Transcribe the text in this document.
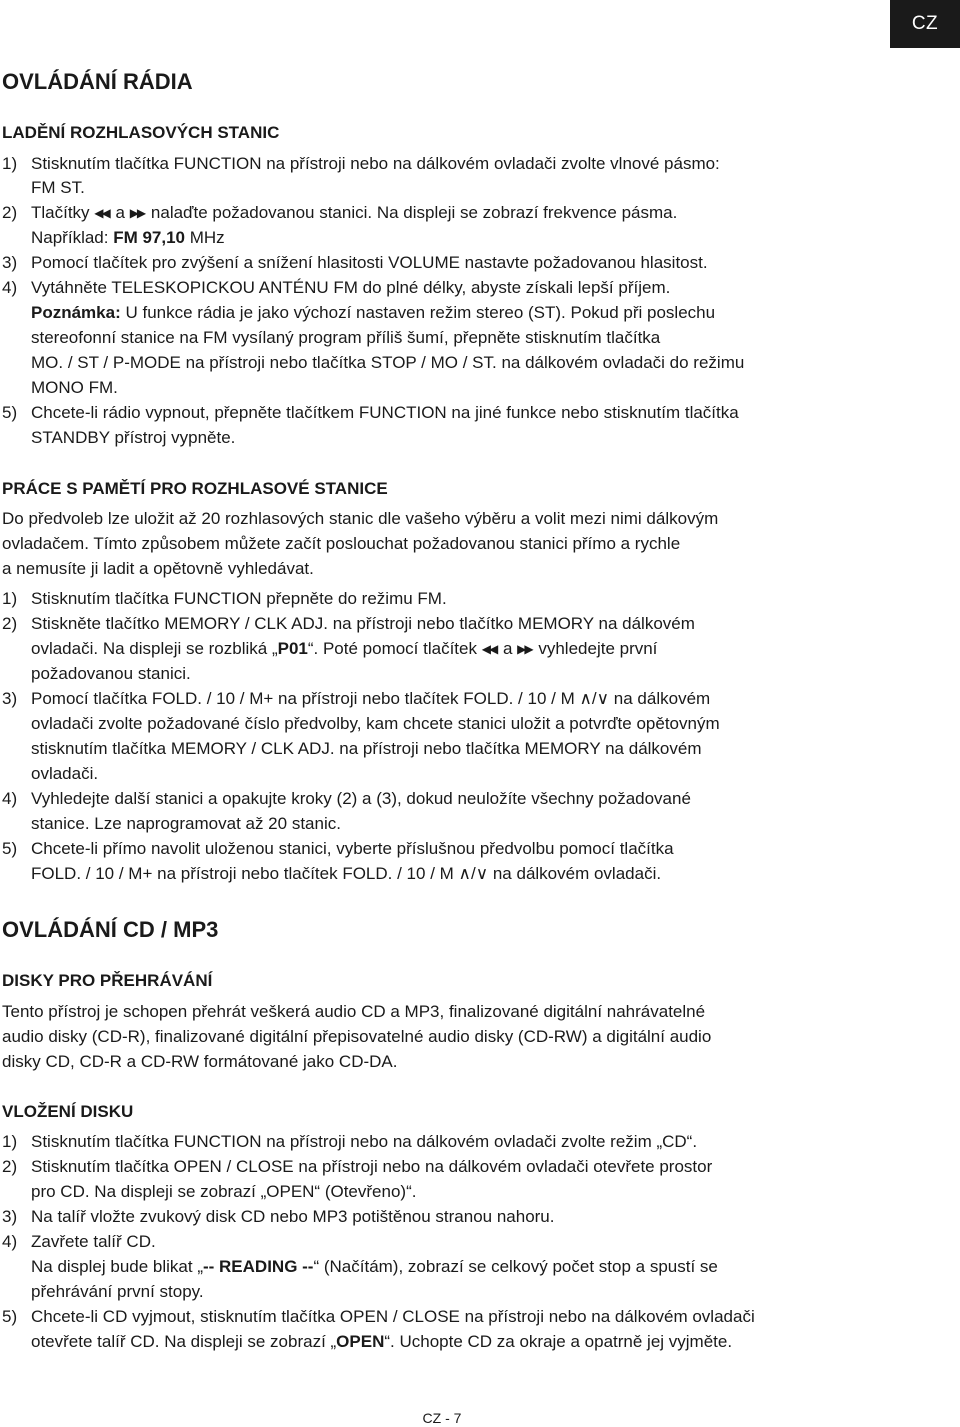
CZ
OVLÁDÁNÍ RÁDIA
LADĚNÍ ROZHLASOVÝCH STANIC
1) Stisknutím tlačítka FUNCTION na přístroji nebo na dálkovém ovladači zvolte vlnové pásmo:
FM ST.
2) Tlačítky ◀◀ a ▶▶ nalaďte požadovanou stanici. Na displeji se zobrazí frekvence pásma.
Například: FM 97,10 MHz
3) Pomocí tlačítek pro zvýšení a snížení hlasitosti VOLUME nastavte požadovanou hlasitost.
4) Vytáhněte TELESKOPICKOU ANTÉNU FM do plné délky, abyste získali lepší příjem.
Poznámka: U funkce rádia je jako výchozí nastaven režim stereo (ST). Pokud při poslechu
stereofonní stanice na FM vysílaný program příliš šumí, přepněte stisknutím tlačítka
MO. / ST / P-MODE na přístroji nebo tlačítka STOP / MO / ST. na dálkovém ovladači do režimu
MONO FM.
5) Chcete-li rádio vypnout, přepněte tlačítkem FUNCTION na jiné funkce nebo stisknutím tlačítka
STANDBY přístroj vypněte.
PRÁCE S PAMĚTÍ PRO ROZHLASOVÉ STANICE
Do předvoleb lze uložit až 20 rozhlasových stanic dle vašeho výběru a volit mezi nimi dálkovým
ovladačem. Tímto způsobem můžete začít poslouchat požadovanou stanici přímo a rychle
a nemusíte ji ladit a opětovně vyhledávat.
1) Stisknutím tlačítka FUNCTION přepněte do režimu FM.
2) Stiskněte tlačítko MEMORY / CLK ADJ. na přístroji nebo tlačítko MEMORY na dálkovém
ovladači. Na displeji se rozbliká „P01“. Poté pomocí tlačítek ◀◀ a ▶▶ vyhledejte první
požadovanou stanici.
3) Pomocí tlačítka FOLD. / 10 / M+ na přístroji nebo tlačítek FOLD. / 10 / M ∧/∨ na dálkovém
ovladači zvolte požadované číslo předvolby, kam chcete stanici uložit a potvrďte opětovným
stisknutím tlačítka MEMORY / CLK ADJ. na přístroji nebo tlačítka MEMORY na dálkovém
ovladači.
4) Vyhledejte další stanici a opakujte kroky (2) a (3), dokud neuložíte všechny požadované
stanice. Lze naprogramovat až 20 stanic.
5) Chcete-li přímo navolit uloženou stanici, vyberte příslušnou předvolbu pomocí tlačítka
FOLD. / 10 / M+ na přístroji nebo tlačítek FOLD. / 10 / M ∧/∨ na dálkovém ovladači.
OVLÁDÁNÍ CD / MP3
DISKY PRO PŘEHRÁVÁNÍ
Tento přístroj je schopen přehrát veškerá audio CD a MP3, finalizované digitální nahrávatelné
audio disky (CD-R), finalizované digitální přepisovatelné audio disky (CD-RW) a digitální audio
disky CD, CD-R a CD-RW formátované jako CD-DA.
VLOŽENÍ DISKU
1) Stisknutím tlačítka FUNCTION na přístroji nebo na dálkovém ovladači zvolte režim „CD“.
2) Stisknutím tlačítka OPEN / CLOSE na přístroji nebo na dálkovém ovladači otevřete prostor
pro CD. Na displeji se zobrazí „OPEN“ (Otevřeno)“.
3) Na talíř vložte zvukový disk CD nebo MP3 potištěnou stranou nahoru.
4) Zavřete talíř CD.
Na displej bude blikat „-- READING --“ (Načítám), zobrazí se celkový počet stop a spustí se
přehrávání první stopy.
5) Chcete-li CD vyjmout, stisknutím tlačítka OPEN / CLOSE na přístroji nebo na dálkovém ovladači
otevřete talíř CD. Na displeji se zobrazí „OPEN“. Uchopte CD za okraje a opatrně jej vyjměte.
CZ - 7
